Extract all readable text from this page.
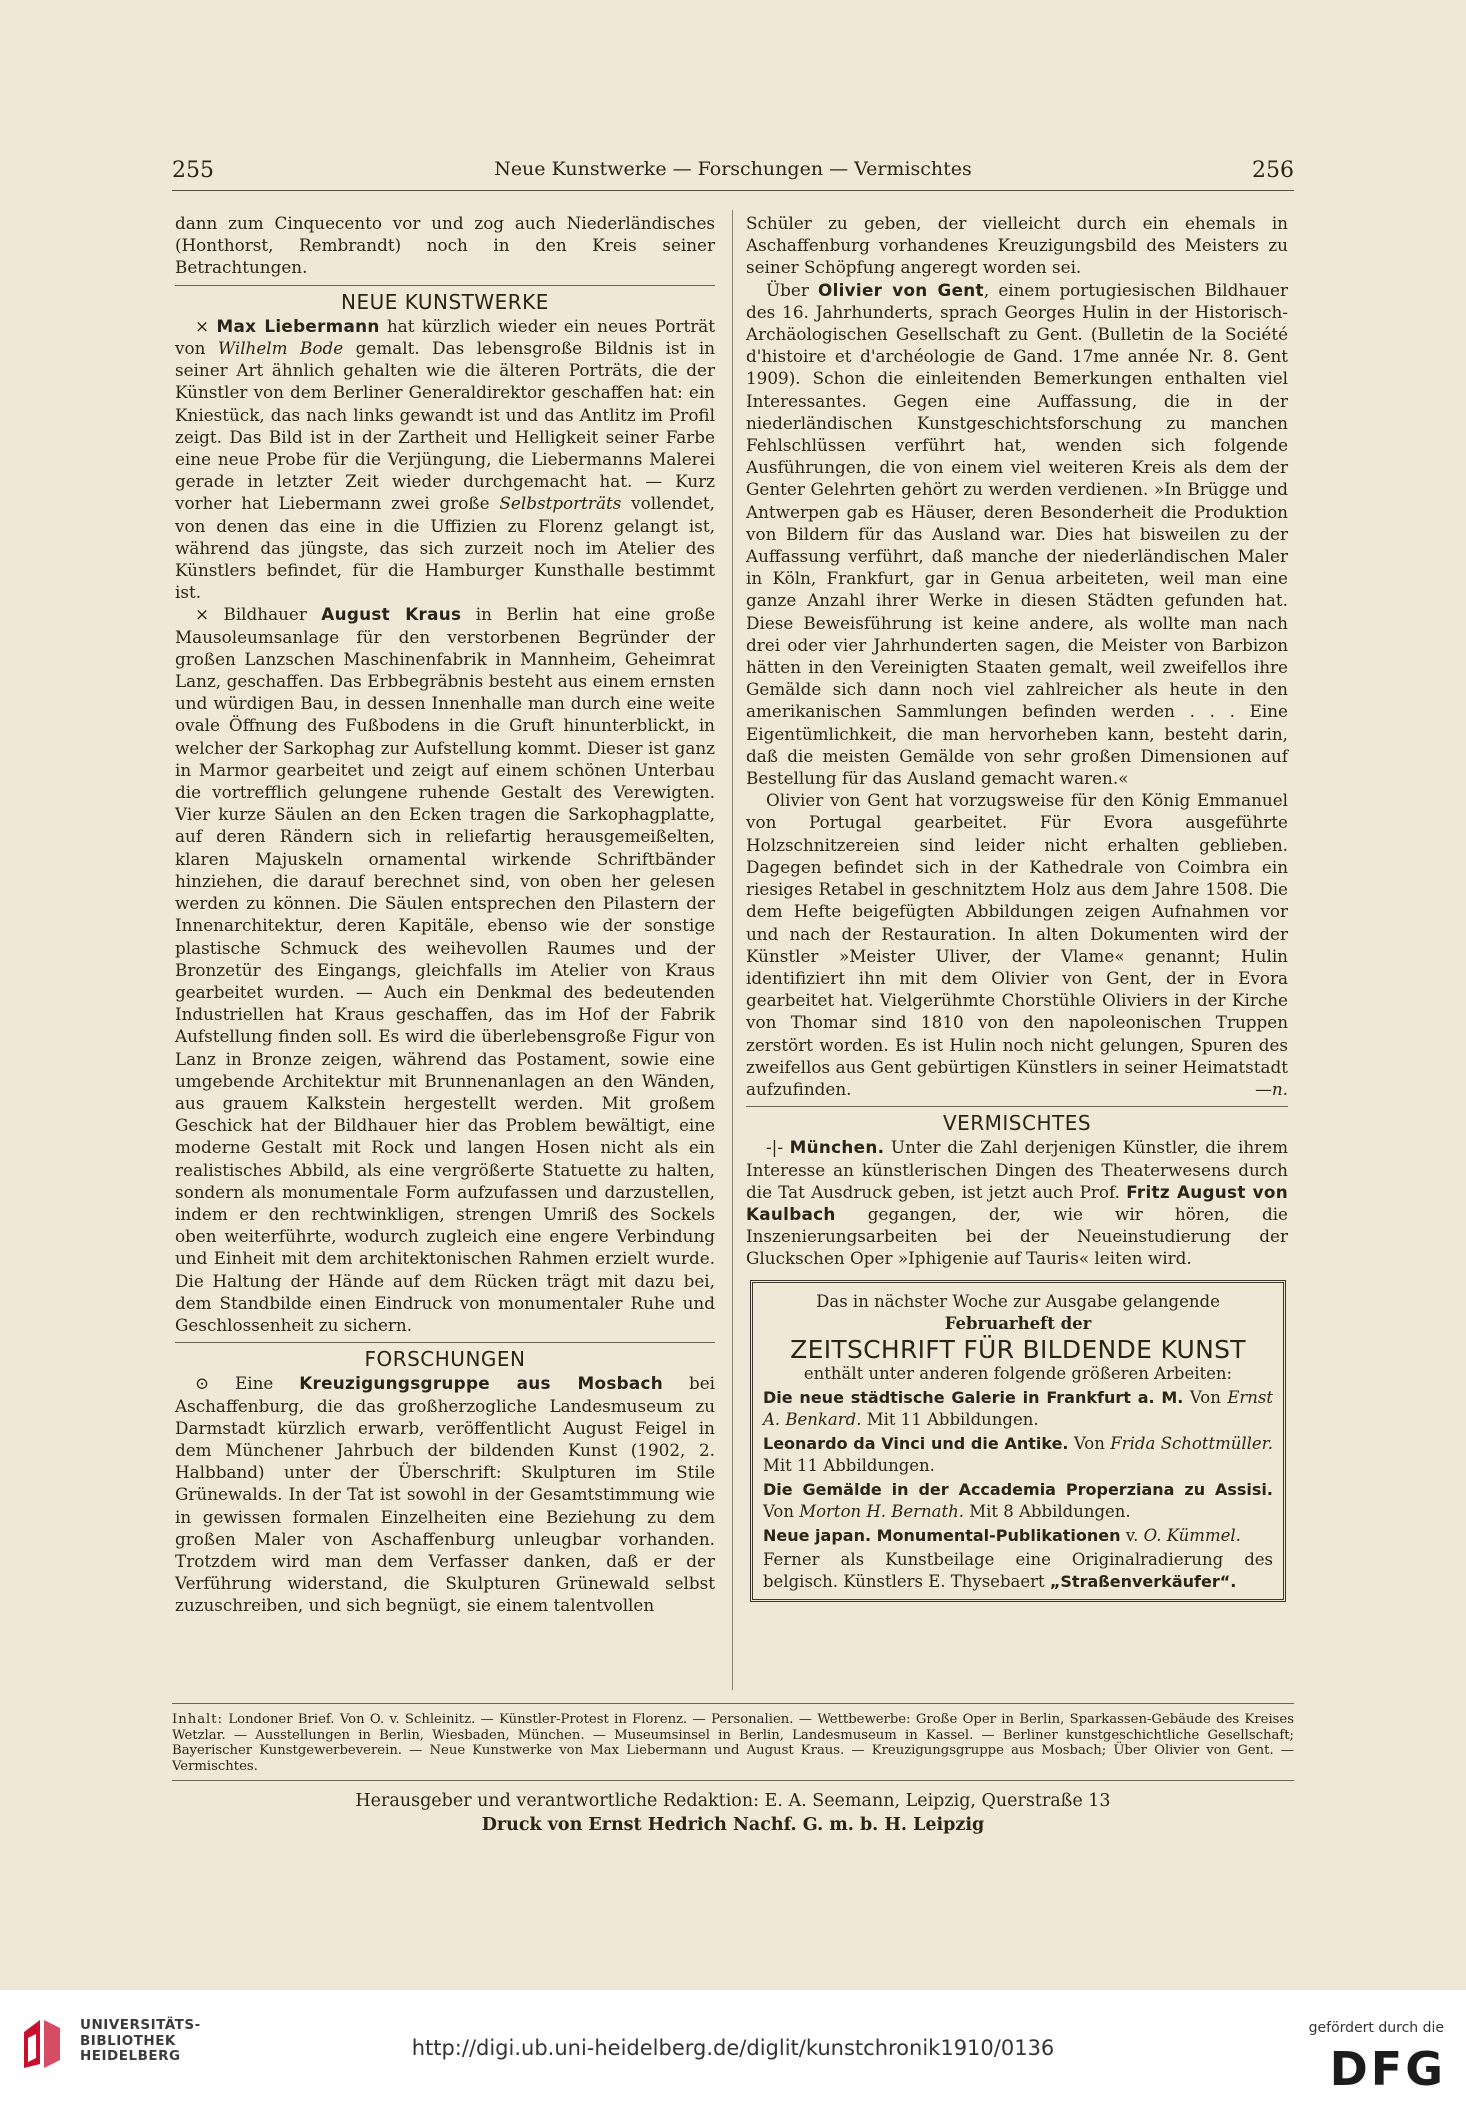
255	Neue Kunstwerke — Forschungen — Vermischtes	256

dann zum Cinquecento vor und zog auch Niederländisches (Honthorst, Rembrandt) noch in den Kreis seiner Betrachtungen.

NEUE KUNSTWERKE

× Max Liebermann hat kürzlich wieder ein neues Porträt von Wilhelm Bode gemalt. Das lebensgroße Bildnis ist in seiner Art ähnlich gehalten wie die älteren Porträts, die der Künstler von dem Berliner Generaldirektor geschaffen hat: ein Kniestück, das nach links gewandt ist und das Antlitz im Profil zeigt. Das Bild ist in der Zartheit und Helligkeit seiner Farbe eine neue Probe für die Verjüngung, die Liebermanns Malerei gerade in letzter Zeit wieder durchgemacht hat. — Kurz vorher hat Liebermann zwei große Selbstporträts vollendet, von denen das eine in die Uffizien zu Florenz gelangt ist, während das jüngste, das sich zurzeit noch im Atelier des Künstlers befindet, für die Hamburger Kunsthalle bestimmt ist.

× Bildhauer August Kraus in Berlin hat eine große Mausoleumsanlage für den verstorbenen Begründer der großen Lanzschen Maschinenfabrik in Mannheim, Geheimrat Lanz, geschaffen. Das Erbbegräbnis besteht aus einem ernsten und würdigen Bau, in dessen Innenhalle man durch eine weite ovale Öffnung des Fußbodens in die Gruft hinunterblickt, in welcher der Sarkophag zur Aufstellung kommt. Dieser ist ganz in Marmor gearbeitet und zeigt auf einem schönen Unterbau die vortrefflich gelungene ruhende Gestalt des Verewigten. Vier kurze Säulen an den Ecken tragen die Sarkophagplatte, auf deren Rändern sich in reliefartig herausgemeißelten, klaren Majuskeln ornamental wirkende Schriftbänder hinziehen, die darauf berechnet sind, von oben her gelesen werden zu können. Die Säulen entsprechen den Pilastern der Innenarchitektur, deren Kapitäle, ebenso wie der sonstige plastische Schmuck des weihevollen Raumes und der Bronzetür des Eingangs, gleichfalls im Atelier von Kraus gearbeitet wurden. — Auch ein Denkmal des bedeutenden Industriellen hat Kraus geschaffen, das im Hof der Fabrik Aufstellung finden soll. Es wird die überlebensgroße Figur von Lanz in Bronze zeigen, während das Postament, sowie eine umgebende Architektur mit Brunnenanlagen an den Wänden, aus grauem Kalkstein hergestellt werden. Mit großem Geschick hat der Bildhauer hier das Problem bewältigt, eine moderne Gestalt mit Rock und langen Hosen nicht als ein realistisches Abbild, als eine vergrößerte Statuette zu halten, sondern als monumentale Form aufzufassen und darzustellen, indem er den rechtwinkligen, strengen Umriß des Sockels oben weiterführte, wodurch zugleich eine engere Verbindung und Einheit mit dem architektonischen Rahmen erzielt wurde. Die Haltung der Hände auf dem Rücken trägt mit dazu bei, dem Standbilde einen Eindruck von monumentaler Ruhe und Geschlossenheit zu sichern.

FORSCHUNGEN

⊙ Eine Kreuzigungsgruppe aus Mosbach bei Aschaffenburg, die das großherzogliche Landesmuseum zu Darmstadt kürzlich erwarb, veröffentlicht August Feigel in dem Münchener Jahrbuch der bildenden Kunst (1902, 2. Halbband) unter der Überschrift: Skulpturen im Stile Grünewalds. In der Tat ist sowohl in der Gesamtstimmung wie in gewissen formalen Einzelheiten eine Beziehung zu dem großen Maler von Aschaffenburg unleugbar vorhanden. Trotzdem wird man dem Verfasser danken, daß er der Verführung widerstand, die Skulpturen Grünewald selbst zuzuschreiben, und sich begnügt, sie einem talentvollen

Schüler zu geben, der vielleicht durch ein ehemals in Aschaffenburg vorhandenes Kreuzigungsbild des Meisters zu seiner Schöpfung angeregt worden sei.

Über Olivier von Gent, einem portugiesischen Bildhauer des 16. Jahrhunderts, sprach Georges Hulin in der Historisch-Archäologischen Gesellschaft zu Gent. (Bulletin de la Société d'histoire et d'archéologie de Gand. 17me année Nr. 8. Gent 1909). Schon die einleitenden Bemerkungen enthalten viel Interessantes. Gegen eine Auffassung, die in der niederländischen Kunstgeschichtsforschung zu manchen Fehlschlüssen verführt hat, wenden sich folgende Ausführungen, die von einem viel weiteren Kreis als dem der Genter Gelehrten gehört zu werden verdienen. »In Brügge und Antwerpen gab es Häuser, deren Besonderheit die Produktion von Bildern für das Ausland war. Dies hat bisweilen zu der Auffassung verführt, daß manche der niederländischen Maler in Köln, Frankfurt, gar in Genua arbeiteten, weil man eine ganze Anzahl ihrer Werke in diesen Städten gefunden hat. Diese Beweisführung ist keine andere, als wollte man nach drei oder vier Jahrhunderten sagen, die Meister von Barbizon hätten in den Vereinigten Staaten gemalt, weil zweifellos ihre Gemälde sich dann noch viel zahlreicher als heute in den amerikanischen Sammlungen befinden werden . . . Eine Eigentümlichkeit, die man hervorheben kann, besteht darin, daß die meisten Gemälde von sehr großen Dimensionen auf Bestellung für das Ausland gemacht waren.«

Olivier von Gent hat vorzugsweise für den König Emmanuel von Portugal gearbeitet. Für Evora ausgeführte Holzschnitzereien sind leider nicht erhalten geblieben. Dagegen befindet sich in der Kathedrale von Coimbra ein riesiges Retabel in geschnitztem Holz aus dem Jahre 1508. Die dem Hefte beigefügten Abbildungen zeigen Aufnahmen vor und nach der Restauration. In alten Dokumenten wird der Künstler »Meister Uliver, der Vlame« genannt; Hulin identifiziert ihn mit dem Olivier von Gent, der in Evora gearbeitet hat. Vielgerühmte Chorstühle Oliviers in der Kirche von Thomar sind 1810 von den napoleonischen Truppen zerstört worden. Es ist Hulin noch nicht gelungen, Spuren des zweifellos aus Gent gebürtigen Künstlers in seiner Heimatstadt aufzufinden.	—n.

VERMISCHTES

-|- München. Unter die Zahl derjenigen Künstler, die ihrem Interesse an künstlerischen Dingen des Theaterwesens durch die Tat Ausdruck geben, ist jetzt auch Prof. Fritz August von Kaulbach gegangen, der, wie wir hören, die Inszenierungsarbeiten bei der Neueinstudierung der Gluckschen Oper »Iphigenie auf Tauris« leiten wird.

Das in nächster Woche zur Ausgabe gelangende Februarheft der
ZEITSCHRIFT FÜR BILDENDE KUNST
enthält unter anderen folgende größeren Arbeiten:
Die neue städtische Galerie in Frankfurt a. M. Von Ernst A. Benkard. Mit 11 Abbildungen.
Leonardo da Vinci und die Antike. Von Frida Schottmüller. Mit 11 Abbildungen.
Die Gemälde in der Accademia Properziana zu Assisi. Von Morton H. Bernath. Mit 8 Abbildungen.
Neue japan. Monumental-Publikationen v. O. Kümmel.
Ferner als Kunstbeilage eine Originalradierung des belgisch. Künstlers E. Thysebaert „Straßenverkäufer“.
Inhalt: Londoner Brief. Von O. v. Schleinitz. — Künstler-Protest in Florenz. — Personalien. — Wettbewerbe: Große Oper in Berlin, Sparkassen-Gebäude des Kreises Wetzlar. — Ausstellungen in Berlin, Wiesbaden, München. — Museumsinsel in Berlin, Landesmuseum in Kassel. — Berliner kunstgeschichtliche Gesellschaft; Bayerischer Kunstgewerbeverein. — Neue Kunstwerke von Max Liebermann und August Kraus. — Kreuzigungsgruppe aus Mosbach; Über Olivier von Gent. — Vermischtes.
Herausgeber und verantwortliche Redaktion: E. A. Seemann, Leipzig, Querstraße 13
Druck von Ernst Hedrich Nachf. G. m. b. H. Leipzig
UNIVERSITÄTS-
BIBLIOTHEK
HEIDELBERG	http://digi.ub.uni-heidelberg.de/diglit/kunstchronik1910/0136
gefördert durch die
DFG
